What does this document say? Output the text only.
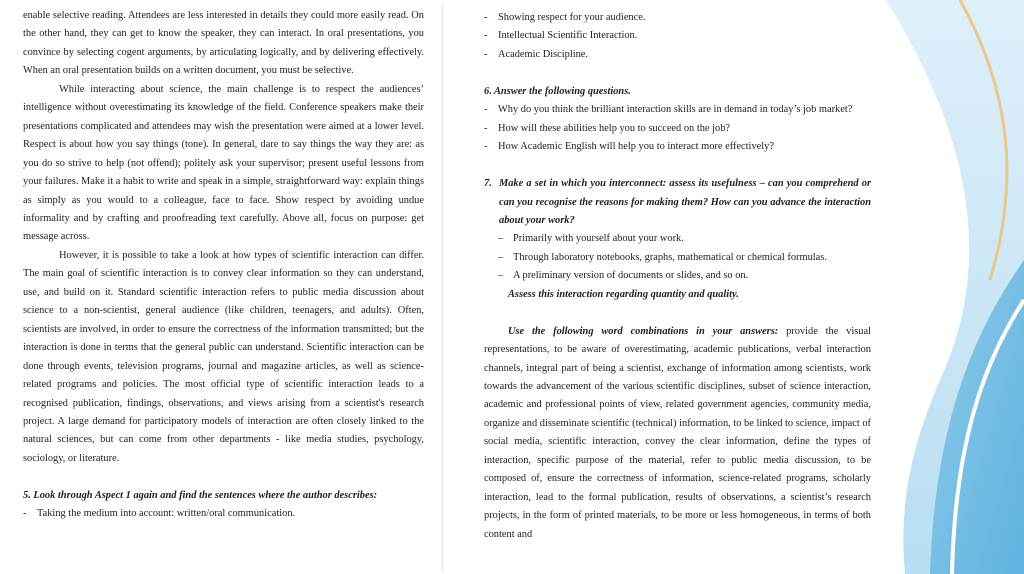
enable selective reading. Attendees are less interested in details they could more easily read. On the other hand, they can get to know the speaker, they can interact. In oral presentations, you convince by selecting cogent arguments, by articulating logically, and by delivering effectively. When an oral presentation builds on a written document, you must be selective.

While interacting about science, the main challenge is to respect the audiences’ intelligence without overestimating its knowledge of the field. Conference speakers make their presentations complicated and attendees may wish the presentation were aimed at a lower level. Respect is about how you say things (tone). In general, dare to say things the way they are: as you do so strive to help (not offend); politely ask your supervisor; present useful lessons from your failures. Make it a habit to write and speak in a simple, straightforward way: explain things as simply as you would to a colleague, face to face. Show respect by avoiding undue informality and by crafting and proofreading text carefully. Above all, focus on purpose: get message across.

However, it is possible to take a look at how types of scientific interaction can differ. The main goal of scientific interaction is to convey clear information so they can understand, use, and build on it. Standard scientific interaction refers to public media discussion about science to a non-scientist, general audience (like children, teenagers, and adults). Often, scientists are involved, in order to ensure the correctness of the information transmitted; but the interaction is done in terms that the general public can understand. Scientific interaction can be done through events, television programs, journal and magazine articles, as well as science-related programs and policies. The most official type of scientific interaction leads to a recognised publication, findings, observations, and views arising from a scientist's research project. A large demand for participatory models of interaction are often closely linked to the natural sciences, but can come from other departments - like media studies, psychology, sociology, or literature.

5. Look through Aspect 1 again and find the sentences where the author describes:
-	Taking the medium into account: written/oral communication.
-	Showing respect for your audience.
-	Intellectual Scientific Interaction.
-	Academic Discipline.
6. Answer the following questions.
-	Why do you think the brilliant interaction skills are in demand in today’s job market?
-	How will these abilities help you to succeed on the job?
-	How Academic English will help you to interact more effectively?
7. Make a set in which you interconnect: assess its usefulness – can you comprehend or can you recognise the reasons for making them? How can you advance the interaction about your work?
– Primarily with yourself about your work.
– Through laboratory notebooks, graphs, mathematical or chemical formulas.
– A preliminary version of documents or slides, and so on.
Assess this interaction regarding quantity and quality.

Use the following word combinations in your answers: provide the visual representations, to be aware of overestimating, academic publications, verbal interaction channels, integral part of being a scientist, exchange of information among scientists, work towards the advancement of the various scientific disciplines, subset of science interaction, academic and professional points of view, related government agencies, community media, organize and disseminate scientific (technical) information, to be linked to science, impact of social media, scientific interaction, convey the clear information, define the types of interaction, specific purpose of the material, refer to public media discussion, to be composed of, ensure the correctness of information, science-related programs, scholarly interaction, lead to the formal publication, results of observations, a scientist’s research projects, in the form of printed materials, to be more or less homogeneous, in terms of both content and
